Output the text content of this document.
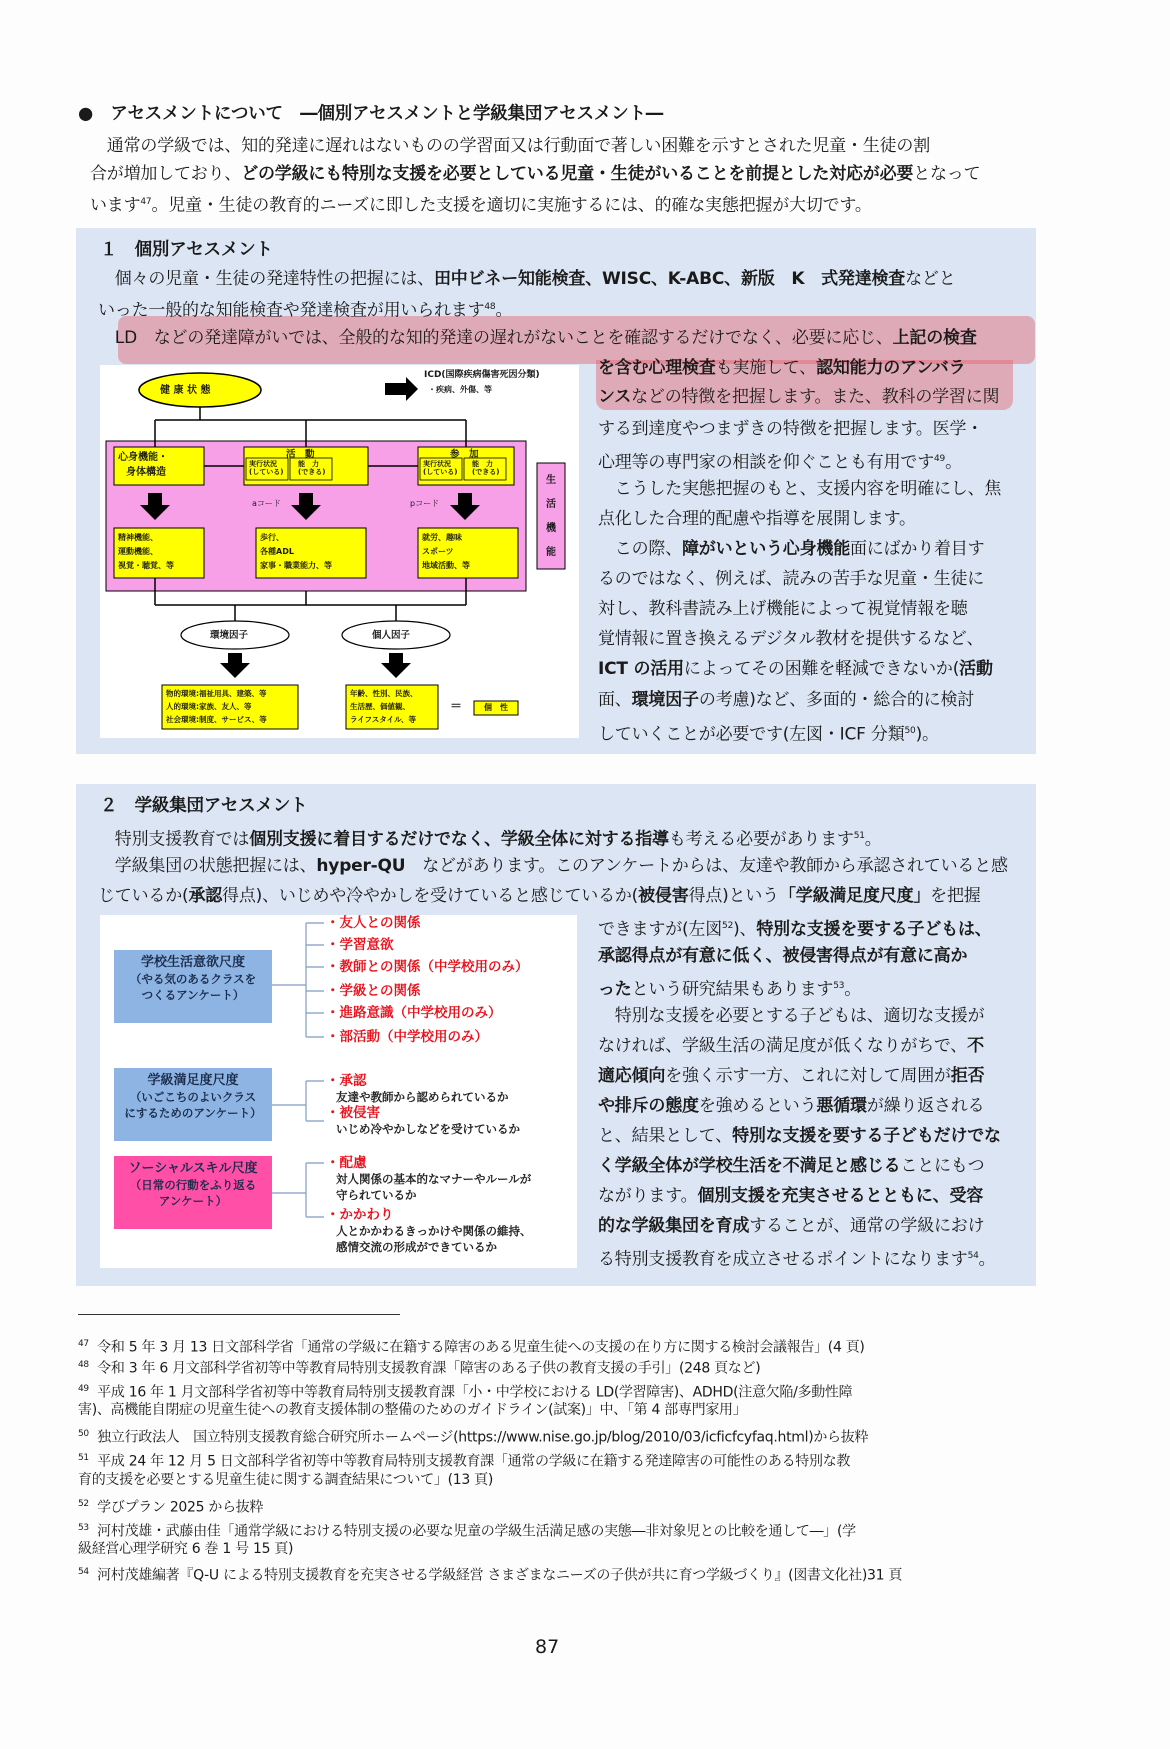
●　アセスメントについて　―個別アセスメントと学級集団アセスメント―
　通常の学級では、知的発達に遅れはないものの学習面又は行動面で著しい困難を示すとされた児童・生徒の割
合が増加しており、どの学級にも特別な支援を必要としている児童・生徒がいることを前提とした対応が必要となって
います$^{47}$。児童・生徒の教育的ニーズに即した支援を適切に実施するには、的確な実態把握が大切です。
１　個別アセスメント
　個々の児童・生徒の発達特性の把握には、田中ビネー知能検査、WISC、K-ABC、新版　K　式発達検査などと
いった一般的な知能検査や発達検査が用いられます$^{48}$。
　LD　などの発達障がいでは、全般的な知的発達の遅れがないことを確認するだけでなく、必要に応じ、上記の検査
を含む心理検査も実施して、認知能力のアンバラ
ンスなどの特徴を把握します。また、教科の学習に関
する到達度やつまずきの特徴を把握します。医学・
心理等の専門家の相談を仰ぐことも有用です$^{49}$。
　こうした実態把握のもと、支援内容を明確にし、焦
点化した合理的配慮や指導を展開します。
　この際、障がいという心身機能面にばかり着目す
るのではなく、例えば、読みの苦手な児童・生徒に
対し、教科書読み上げ機能によって視覚情報を聴
覚情報に置き換えるデジタル教材を提供するなど、
ICT の活用によってその困難を軽減できないか(活動
面、環境因子の考慮)など、多面的・総合的に検討
していくことが必要です(左図・ICF 分類$^{50}$)。
健 康 状 態
ICD(国際疾病傷害死因分類)
・疾病、外傷、等
心身機能・
身体構造
活　動	参　加
実行状況
(している)
能　力
(できる)
実行状況
(している)
能　力
(できる)
aコード	pコード
生
活
機
能
精神機能、
運動機能、
視覚・聴覚、等
歩行、
各種ADL
家事・職業能力、等
就労、趣味
スポーツ
地域活動、等
環境因子	個人因子
物的環境:福祉用具、建築、等
人的環境:家族、友人、等
社会環境:制度、サービス、等
年齢、性別、民族、
生活歴、価値観、
ライフスタイル、等
＝	個　性
２　学級集団アセスメント
　特別支援教育では個別支援に着目するだけでなく、学級全体に対する指導も考える必要があります$^{51}$。
　学級集団の状態把握には、hyper-QU　などがあります。このアンケートからは、友達や教師から承認されていると感
じているか(承認得点)、いじめや冷やかしを受けていると感じているか(被侵害得点)という「学級満足度尺度」を把握
できますが(左図$^{52}$)、特別な支援を要する子どもは、
承認得点が有意に低く、被侵害得点が有意に高か
ったという研究結果もあります$^{53}$。
　特別な支援を必要とする子どもは、適切な支援が
なければ、学級生活の満足度が低くなりがちで、不
適応傾向を強く示す一方、これに対して周囲が拒否
や排斥の態度を強めるという悪循環が繰り返される
と、結果として、特別な支援を要する子どもだけでな
く学級全体が学校生活を不満足と感じることにもつ
ながります。個別支援を充実させるとともに、受容
的な学級集団を育成することが、通常の学級におけ
る特別支援教育を成立させるポイントになります$^{54}$。
学校生活意欲尺度
（やる気のあるクラスを
つくるアンケート）
学級満足度尺度
（いごこちのよいクラス
にするためのアンケート）
ソーシャルスキル尺度
（日常の行動をふり返る
アンケート）
・友人との関係
・学習意欲
・教師との関係（中学校用のみ）
・学級との関係
・進路意識（中学校用のみ）
・部活動（中学校用のみ）
・承認
友達や教師から認められているか
・被侵害
いじめ冷やかしなどを受けているか
・配慮
対人関係の基本的なマナーやルールが
守られているか
・かかわり
人とかかわるきっかけや関係の維持、
感情交流の形成ができているか
$^{47}$ 令和 5 年 3 月 13 日文部科学省「通常の学級に在籍する障害のある児童生徒への支援の在り方に関する検討会議報告」(4 頁)
$^{48}$ 令和 3 年 6 月文部科学省初等中等教育局特別支援教育課「障害のある子供の教育支援の手引」(248 頁など)
$^{49}$ 平成 16 年 1 月文部科学省初等中等教育局特別支援教育課「小・中学校における LD(学習障害)、ADHD(注意欠陥/多動性障
害)、高機能自閉症の児童生徒への教育支援体制の整備のためのガイドライン(試案)」中、「第 4 部専門家用」
$^{50}$ 独立行政法人　国立特別支援教育総合研究所ホームページ(https://www.nise.go.jp/blog/2010/03/icficfcyfaq.html)から抜粋
$^{51}$ 平成 24 年 12 月 5 日文部科学省初等中等教育局特別支援教育課「通常の学級に在籍する発達障害の可能性のある特別な教
育的支援を必要とする児童生徒に関する調査結果について」(13 頁)
$^{52}$ 学びプラン 2025 から抜粋
$^{53}$ 河村茂雄・武藤由佳「通常学級における特別支援の必要な児童の学級生活満足感の実態―非対象児との比較を通して―」(学
級経営心理学研究 6 巻 1 号 15 頁)
$^{54}$ 河村茂雄編著『Q-U による特別支援教育を充実させる学級経営 さまざまなニーズの子供が共に育つ学級づくり』(図書文化社)31 頁
87
